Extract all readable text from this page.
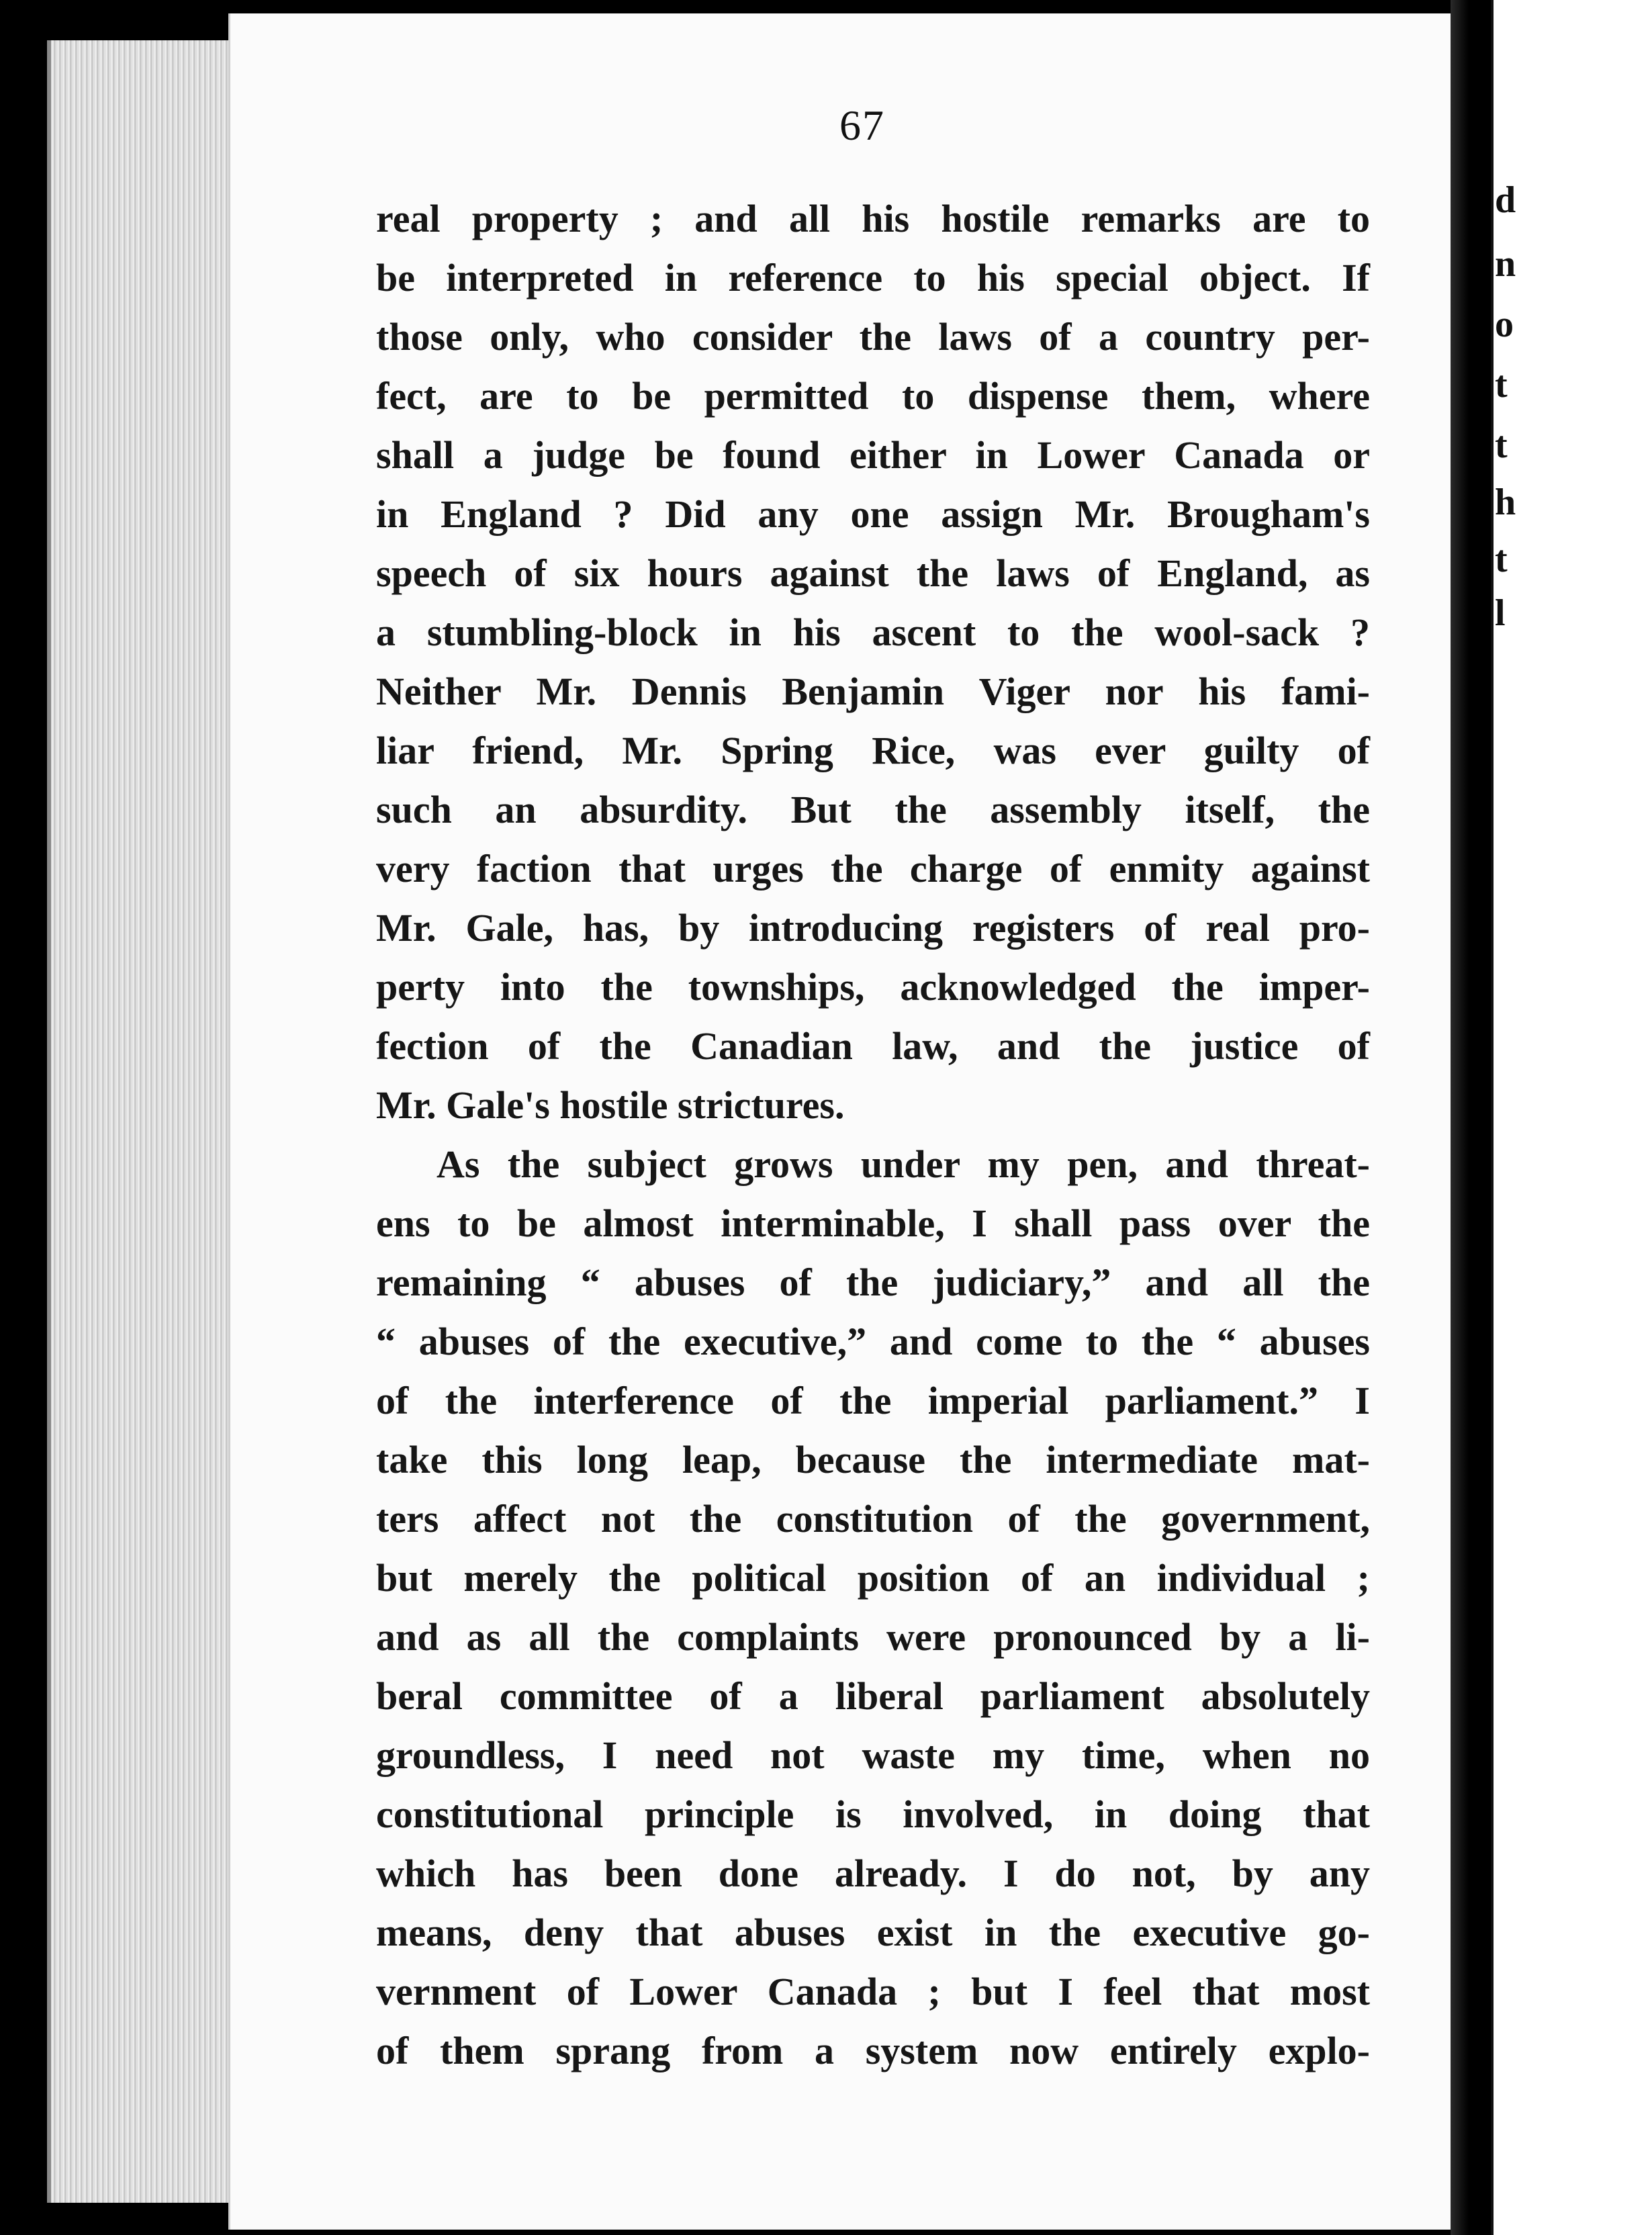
67
real property ; and all his hostile remarks are to
be interpreted in reference to his special object. If
those only, who consider the laws of a country per-
fect, are to be permitted to dispense them, where
shall a judge be found either in Lower Canada or
in England ? Did any one assign Mr. Brougham's
speech of six hours against the laws of England, as
a stumbling-block in his ascent to the wool-sack ?
Neither Mr. Dennis Benjamin Viger nor his fami-
liar friend, Mr. Spring Rice, was ever guilty of
such an absurdity. But the assembly itself, the
very faction that urges the charge of enmity against
Mr. Gale, has, by introducing registers of real pro-
perty into the townships, acknowledged the imper-
fection of the Canadian law, and the justice of
Mr. Gale's hostile strictures.
As the subject grows under my pen, and threat-
ens to be almost interminable, I shall pass over the
remaining “ abuses of the judiciary,” and all the
“ abuses of the executive,” and come to the “ abuses
of the interference of the imperial parliament.” I
take this long leap, because the intermediate mat-
ters affect not the constitution of the government,
but merely the political position of an individual ;
and as all the complaints were pronounced by a li-
beral committee of a liberal parliament absolutely
groundless, I need not waste my time, when no
constitutional principle is involved, in doing that
which has been done already. I do not, by any
means, deny that abuses exist in the executive go-
vernment of Lower Canada ; but I feel that most
of them sprang from a system now entirely explo-
d
n
o
t
t
h
t
l
